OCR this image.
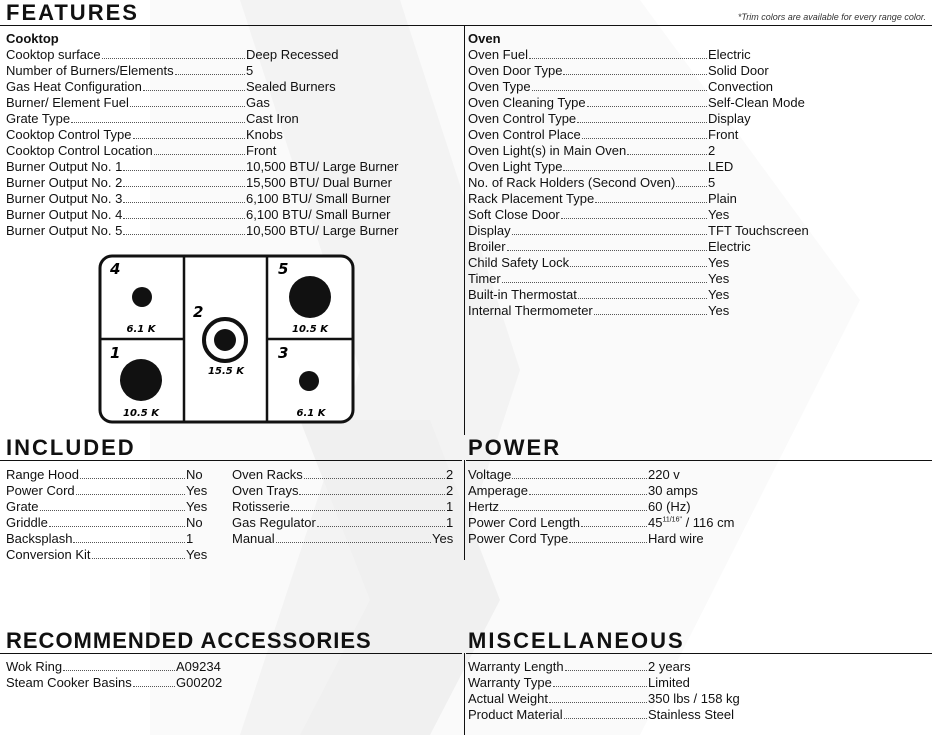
FEATURES	*Trim colors are available for every range color.
Cooktop	Oven
Cooktop surface	Deep Recessed
Number of Burners/Elements	5
Gas Heat Configuration	Sealed Burners
Burner/ Element Fuel	Gas
Grate Type	Cast Iron
Cooktop Control Type	Knobs
Cooktop Control Location	Front
Burner Output No. 1	10,500 BTU/ Large Burner
Burner Output No. 2	15,500 BTU/ Dual Burner
Burner Output No. 3	6,100 BTU/ Small Burner
Burner Output No. 4	6,100 BTU/ Small Burner
Burner Output No. 5	10,500 BTU/ Large Burner
Oven Fuel	Electric
Oven Door Type	Solid Door
Oven Type	Convection
Oven Cleaning Type	Self-Clean Mode
Oven Control Type	Display
Oven Control Place	Front
Oven Light(s) in Main Oven	2
Oven Light Type	LED
No. of Rack Holders (Second Oven)	5
Rack Placement Type	Plain
Soft Close Door	Yes
Display	TFT Touchscreen
Broiler	Electric
Child Safety Lock	Yes
Timer	Yes
Built-in Thermostat	Yes
Internal Thermometer	Yes
4
6.1 K
2
15.5 K
5
10.5 K
1
10.5 K
3
6.1 K
INCLUDED
Range Hood	No
Power Cord	Yes
Grate	Yes
Griddle	No
Backsplash	1
Conversion Kit	Yes
Oven Racks	2
Oven Trays	2
Rotisserie	1
Gas Regulator	1
Manual	Yes
POWER
Voltage	220 v
Amperage	30 amps
Hertz	60 (Hz)
Power Cord Length	$45^{11/16"} / 116$ cm
Power Cord Type	Hard wire
RECOMMENDED ACCESSORIES
Wok Ring	A09234
Steam Cooker Basins	G00202
MISCELLANEOUS
Warranty Length	2 years
Warranty Type	Limited
Actual Weight	350 lbs / 158 kg
Product Material	Stainless Steel
